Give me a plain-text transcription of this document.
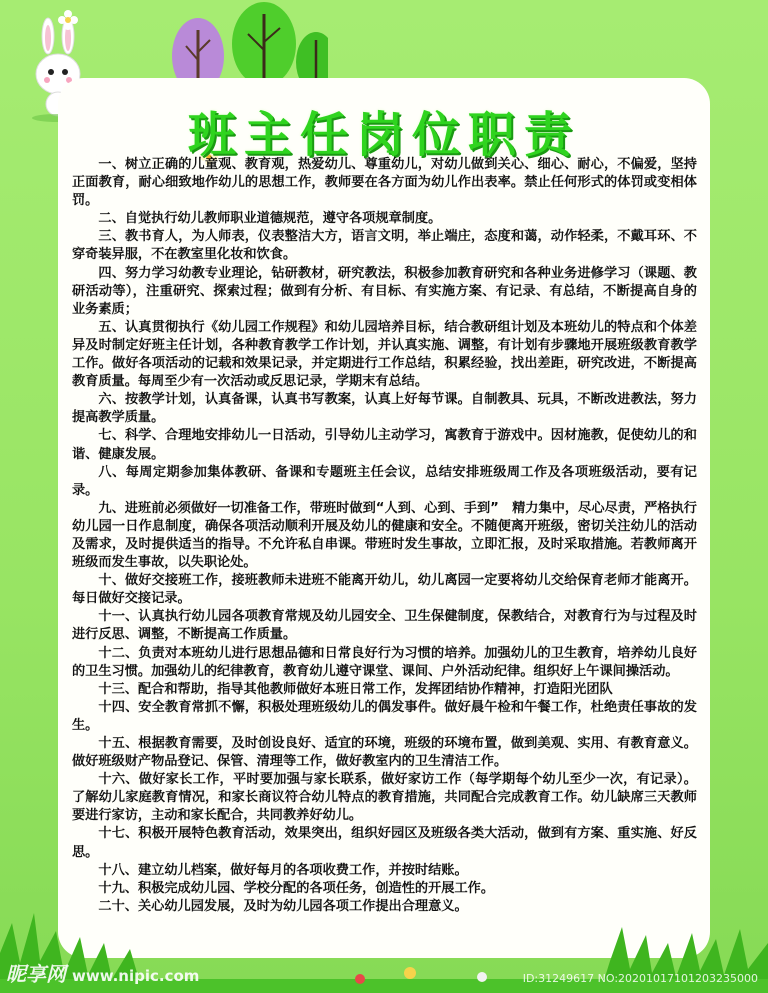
班主任岗位职责

一、树立正确的儿童观、教育观，热爱幼儿、尊重幼儿，对幼儿做到关心、细心、耐心，不偏爱，坚持正面教育，耐心细致地作幼儿的思想工作，教师要在各方面为幼儿作出表率。禁止任何形式的体罚或变相体罚。

二、自觉执行幼儿教师职业道德规范，遵守各项规章制度。

三、教书育人，为人师表，仪表整洁大方，语言文明，举止端庄，态度和蔼，动作轻柔，不戴耳环、不穿奇装异服，不在教室里化妆和饮食。

四、努力学习幼教专业理论，钻研教材，研究教法，积极参加教育研究和各种业务进修学习（课题、教研活动等），注重研究、探索过程；做到有分析、有目标、有实施方案、有记录、有总结，不断提高自身的业务素质；

五、认真贯彻执行《幼儿园工作规程》和幼儿园培养目标，结合教研组计划及本班幼儿的特点和个体差异及时制定好班主任计划，各种教育教学工作计划，并认真实施、调整，有计划有步骤地开展班级教育教学工作。做好各项活动的记载和效果记录，并定期进行工作总结，积累经验，找出差距，研究改进，不断提高教育质量。每周至少有一次活动或反思记录，学期末有总结。

六、按教学计划，认真备课，认真书写教案，认真上好每节课。自制教具、玩具，不断改进教法，努力提高教学质量。

七、科学、合理地安排幼儿一日活动，引导幼儿主动学习，寓教育于游戏中。因材施教，促使幼儿的和谐、健康发展。

八、每周定期参加集体教研、备课和专题班主任会议，总结安排班级周工作及各项班级活动，要有记录。

九、进班前必须做好一切准备工作，带班时做到“人到、心到、手到”　精力集中，尽心尽责，严格执行幼儿园一日作息制度，确保各项活动顺利开展及幼儿的健康和安全。不随便离开班级，密切关注幼儿的活动及需求，及时提供适当的指导。不允许私自串课。带班时发生事故，立即汇报，及时采取措施。若教师离开班级而发生事故，以失职论处。

十、做好交接班工作，接班教师未进班不能离开幼儿，幼儿离园一定要将幼儿交给保育老师才能离开。每日做好交接记录。

十一、认真执行幼儿园各项教育常规及幼儿园安全、卫生保健制度，保教结合，对教育行为与过程及时进行反思、调整，不断提高工作质量。

十二、负责对本班幼儿进行思想品德和日常良好行为习惯的培养。加强幼儿的卫生教育，培养幼儿良好的卫生习惯。加强幼儿的纪律教育，教育幼儿遵守课堂、课间、户外活动纪律。组织好上午课间操活动。

十三、配合和帮助，指导其他教师做好本班日常工作，发挥团结协作精神，打造阳光团队

十四、安全教育常抓不懈，积极处理班级幼儿的偶发事件。做好晨午检和午餐工作，杜绝责任事故的发生。

十五、根据教育需要，及时创设良好、适宜的环境，班级的环境布置，做到美观、实用、有教育意义。做好班级财产物品登记、保管、清理等工作，做好教室内的卫生清洁工作。

十六、做好家长工作，平时要加强与家长联系，做好家访工作（每学期每个幼儿至少一次，有记录）。了解幼儿家庭教育情况，和家长商议符合幼儿特点的教育措施，共同配合完成教育工作。幼儿缺席三天教师要进行家访，主动和家长配合，共同教养好幼儿。

十七、积极开展特色教育活动，效果突出，组织好园区及班级各类大活动，做到有方案、重实施、好反思。

十八、建立幼儿档案，做好每月的各项收费工作，并按时结账。

十九、积极完成幼儿园、学校分配的各项任务，创造性的开展工作。

二十、关心幼儿园发展，及时为幼儿园各项工作提出合理意义。

昵享网 www.nipic.com	ID:31249617 NO:20201017101203235000
